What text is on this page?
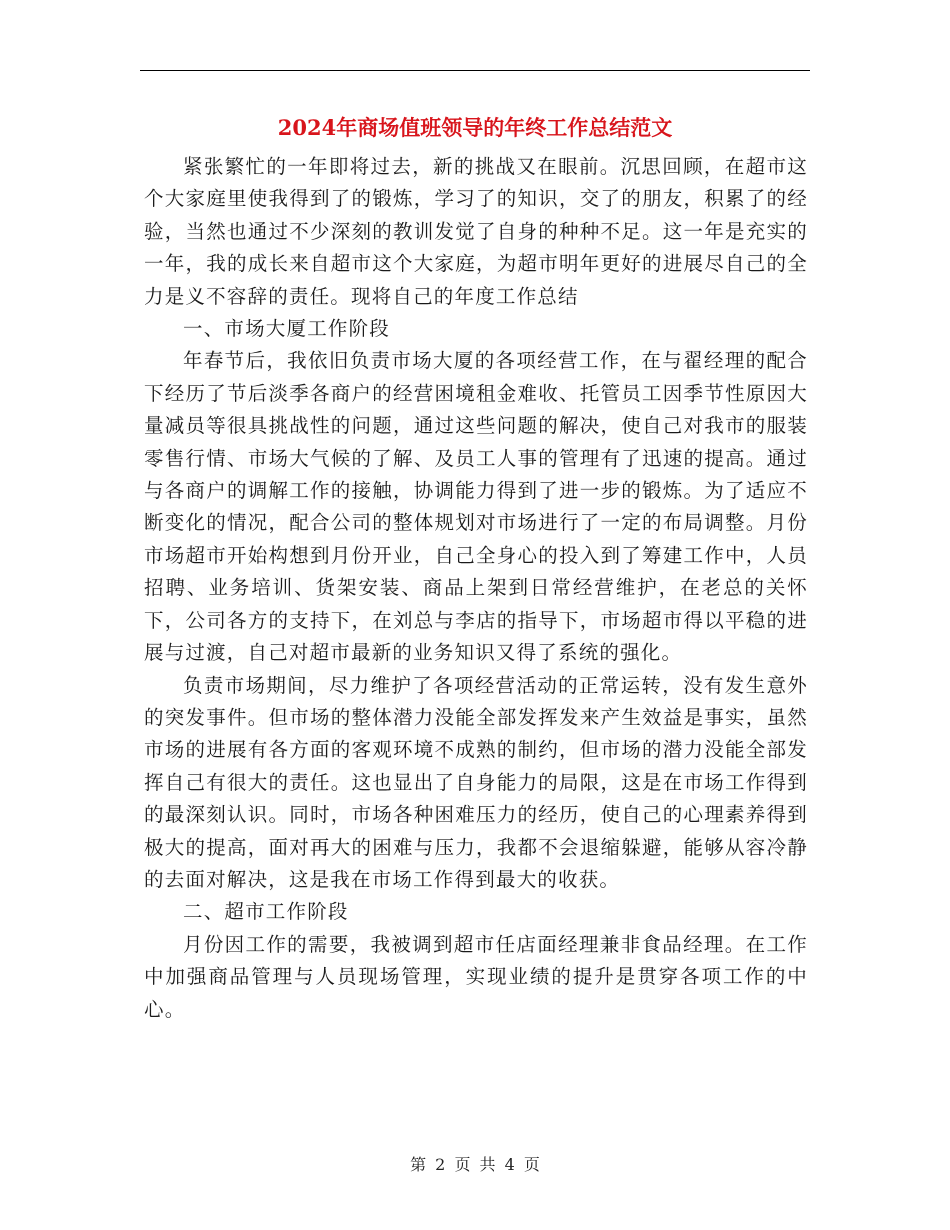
2024年商场值班领导的年终工作总结范文

紧张繁忙的一年即将过去，新的挑战又在眼前。沉思回顾，在超市这个大家庭里使我得到了的锻炼，学习了的知识，交了的朋友，积累了的经验，当然也通过不少深刻的教训发觉了自身的种种不足。这一年是充实的一年，我的成长来自超市这个大家庭，为超市明年更好的进展尽自己的全力是义不容辞的责任。现将自己的年度工作总结

一、市场大厦工作阶段

年春节后，我依旧负责市场大厦的各项经营工作，在与翟经理的配合下经历了节后淡季各商户的经营困境租金难收、托管员工因季节性原因大量减员等很具挑战性的问题，通过这些问题的解决，使自己对我市的服装零售行情、市场大气候的了解、及员工人事的管理有了迅速的提高。通过与各商户的调解工作的接触，协调能力得到了进一步的锻炼。为了适应不断变化的情况，配合公司的整体规划对市场进行了一定的布局调整。月份市场超市开始构想到月份开业，自己全身心的投入到了筹建工作中，人员招聘、业务培训、货架安装、商品上架到日常经营维护，在老总的关怀下，公司各方的支持下，在刘总与李店的指导下，市场超市得以平稳的进展与过渡，自己对超市最新的业务知识又得了系统的强化。

负责市场期间，尽力维护了各项经营活动的正常运转，没有发生意外的突发事件。但市场的整体潜力没能全部发挥发来产生效益是事实，虽然市场的进展有各方面的客观环境不成熟的制约，但市场的潜力没能全部发挥自己有很大的责任。这也显出了自身能力的局限，这是在市场工作得到的最深刻认识。同时，市场各种困难压力的经历，使自己的心理素养得到极大的提高，面对再大的困难与压力，我都不会退缩躲避，能够从容冷静的去面对解决，这是我在市场工作得到最大的收获。

二、超市工作阶段

月份因工作的需要，我被调到超市任店面经理兼非食品经理。在工作中加强商品管理与人员现场管理，实现业绩的提升是贯穿各项工作的中心。

第 2 页 共 4 页
